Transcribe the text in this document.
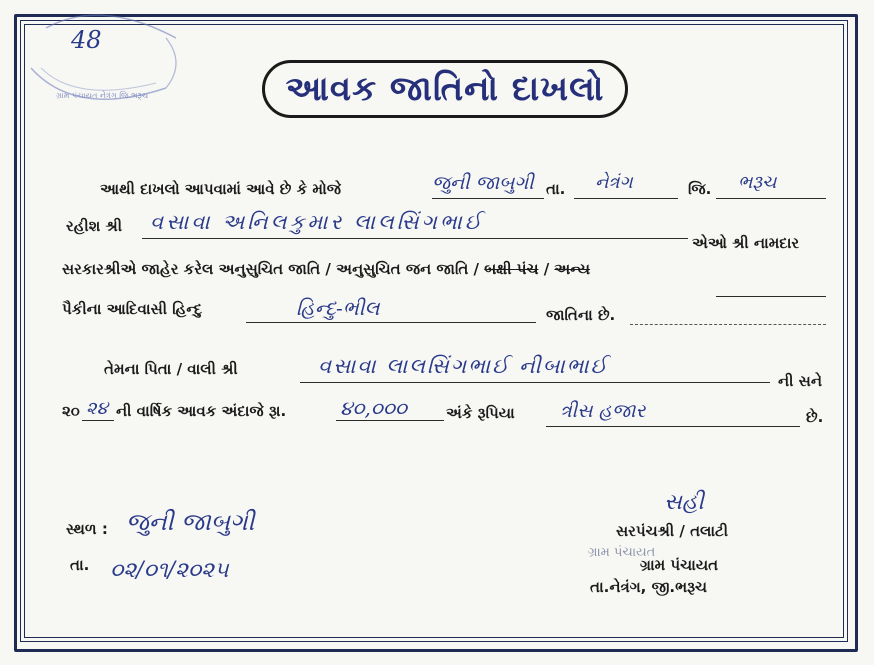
48
ગ્રામ પંચાયત નેત્રંગ જિ.ભરૂચ	આવક જાતિનો દાખલો
આથી દાખલો આપવામાં આવે છે કે મોજે	જુની જાબુગી તા. નેત્રંગ	જિ. ભરૂચ
રહીશ શ્રી વસાવા અનિલકુમાર લાલસિંગભાઈ
એઓ શ્રી નામદાર
સરકારશ્રીએ જાહેર કરેલ અનુસુચિત જાતિ / અનુસુચિત જન જાતિ / બક્ષી પંચ / અન્ય
પૈકીના આદિવાસી હિન્દુ	હિન્દુ-ભીલ	જાતિના છે.
તેમના પિતા / વાલી શ્રી	વસાવા લાલસિંગભાઈ નીબાભાઈ
ની સને
૨૦ ૨૪ ની વાર્ષિક આવક અંદાજે રૂા.	૪૦,૦૦૦	અંકે રૂપિયા ત્રીસ હજાર	છે.
સ્થળ : જુની જાબુગી
તા. ૦૨/૦૧/૨૦૨૫
સહી
સરપંચશ્રી / તલાટી
ગ્રામ પંચાયત
ગ્રામ પંચાયત
તા.નેત્રંગ, જી.ભરૂચ
